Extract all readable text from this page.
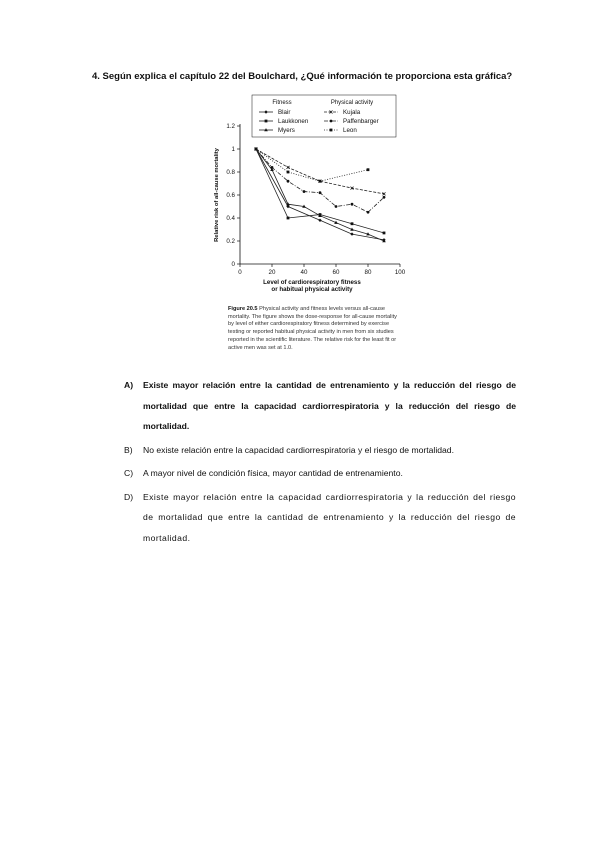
4. Según explica el capítulo 22 del Boulchard, ¿Qué información te proporciona esta gráfica?
0
0.2
0.4
0.6
0.8
1
1.2
0	20	40	60	80	100
Level of cardiorespiratory fitness
or habitual physical activity
Relative risk of all-cause mortality
Fitness	Physical activity
Blair
Laukkonen
Myers
Kujala
Paffenbarger
Leon
Figure 20.5 Physical activity and fitness levels versus all-cause mortality. The figure shows the dose-response for all-cause mortality by level of either cardiorespiratory fitness determined by exercise testing or reported habitual physical activity in men from six studies reported in the scientific literature. The relative risk for the least fit or active men was set at 1.0.
A) Existe mayor relación entre la cantidad de entrenamiento y la reducción del riesgo de mortalidad que entre la capacidad cardiorrespiratoria y la reducción del riesgo de mortalidad.
B) No existe relación entre la capacidad cardiorrespiratoria y el riesgo de mortalidad.
C) A mayor nivel de condición física, mayor cantidad de entrenamiento.
D) Existe mayor relación entre la capacidad cardiorrespiratoria y la reducción del riesgo de mortalidad que entre la cantidad de entrenamiento y la reducción del riesgo de mortalidad.
